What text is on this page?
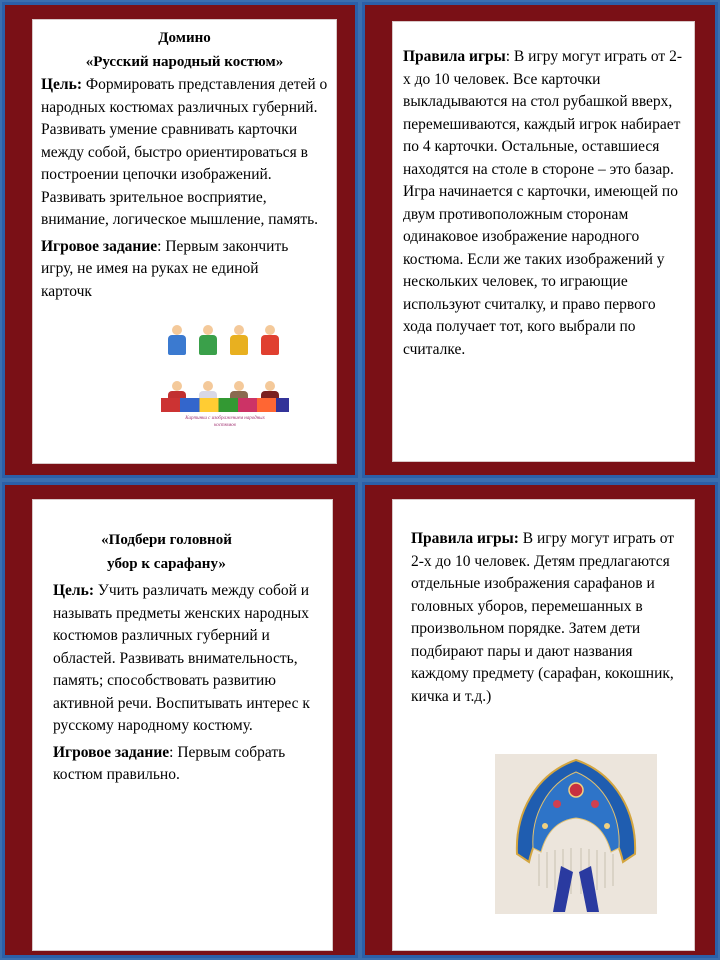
Домино

«Русский народный костюм»

Цель: Формировать представления детей о народных костюмах различных губерний. Развивать умение сравнивать карточки между собой, быстро ориентироваться в построении цепочки изображений. Развивать зрительное восприятие, внимание, логическое мышление, память.
Игровое задание: Первым закончить игру, не имея на руках не единой карточк
Картинки с изображением народных костюмов
Правила игры: В игру могут играть от 2-х до 10 человек. Все карточки выкладываются на стол рубашкой вверх, перемешиваются, каждый игрок набирает по 4 карточки. Остальные, оставшиеся находятся на столе в стороне – это базар. Игра начинается с карточки, имеющей по двум противоположным сторонам одинаковое изображение народного костюма. Если же таких изображений у нескольких человек, то играющие используют считалку, и право первого хода получает тот, кого выбрали по считалке.

«Подбери головной

убор к сарафану»

Цель: Учить различать между собой и называть предметы женских народных костюмов различных губерний и областей. Развивать внимательность, память; способствовать развитию активной речи. Воспитывать интерес к русскому народному костюму.
Игровое задание: Первым собрать костюм правильно.
Правила игры: В игру могут играть от 2-х до 10 человек. Детям предлагаются отдельные изображения сарафанов и головных уборов, перемешанных в произвольном порядке. Затем дети подбирают пары и дают названия каждому предмету (сарафан, кокошник, кичка и т.д.)
